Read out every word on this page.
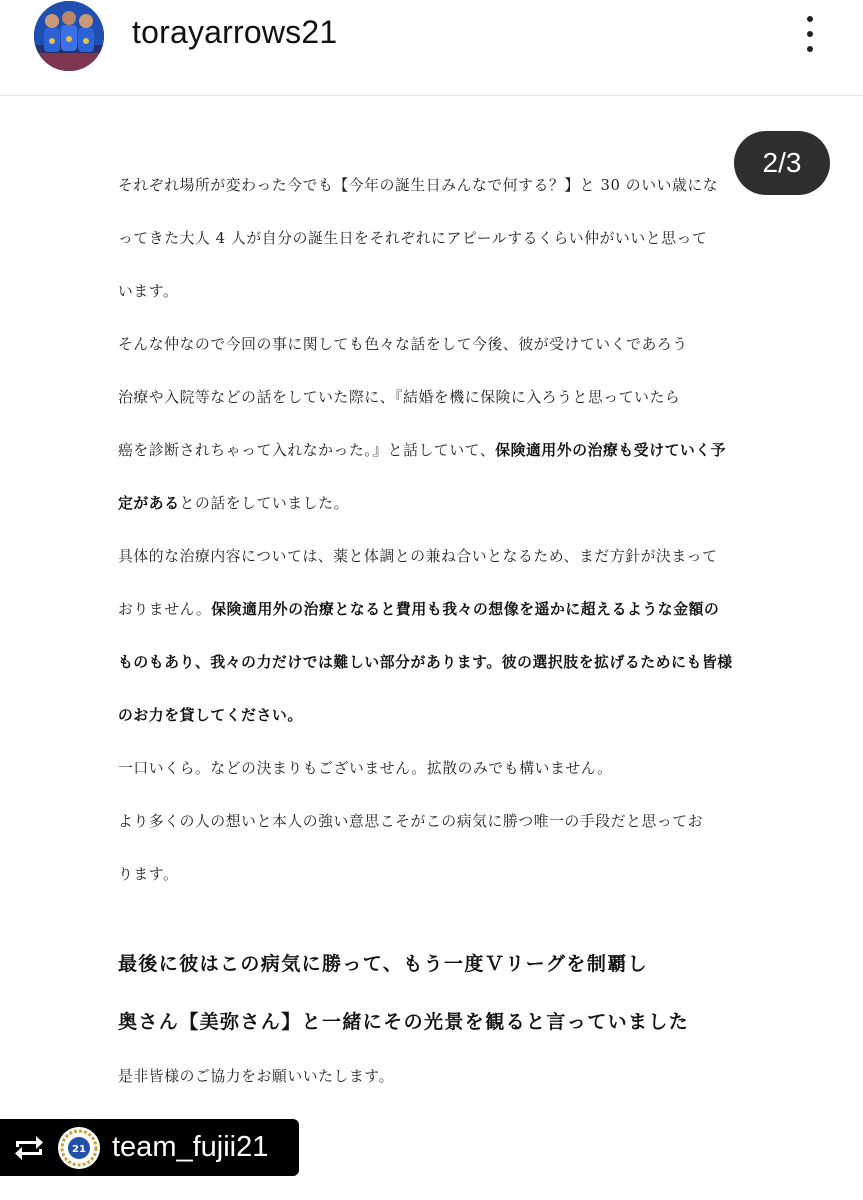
torayarrows21
2/3

それぞれ場所が変わった今でも【今年の誕生日みんなで何する？】と 30 のいい歳にな
ってきた大人 4 人が自分の誕生日をそれぞれにアピールするくらい仲がいいと思って
います。

そんな仲なので今回の事に関しても色々な話をして今後、彼が受けていくであろう
治療や入院等などの話をしていた際に、『結婚を機に保険に入ろうと思っていたら
癌を診断されちゃって入れなかった。』と話していて、保険適用外の治療も受けていく予
定があるとの話をしていました。

具体的な治療内容については、薬と体調との兼ね合いとなるため、まだ方針が決まって
おりません。保険適用外の治療となると費用も我々の想像を遥かに超えるような金額の
ものもあり、我々の力だけでは難しい部分があります。彼の選択肢を拡げるためにも皆様
のお力を貸してください。

一口いくら。などの決まりもございません。拡散のみでも構いません。

より多くの人の想いと本人の強い意思こそがこの病気に勝つ唯一の手段だと思ってお
ります。

最後に彼はこの病気に勝って、もう一度Ｖリーグを制覇し
奥さん【美弥さん】と一緒にその光景を観ると言っていました
是非皆様のご協力をお願いいたします。
21 team_fujii21
